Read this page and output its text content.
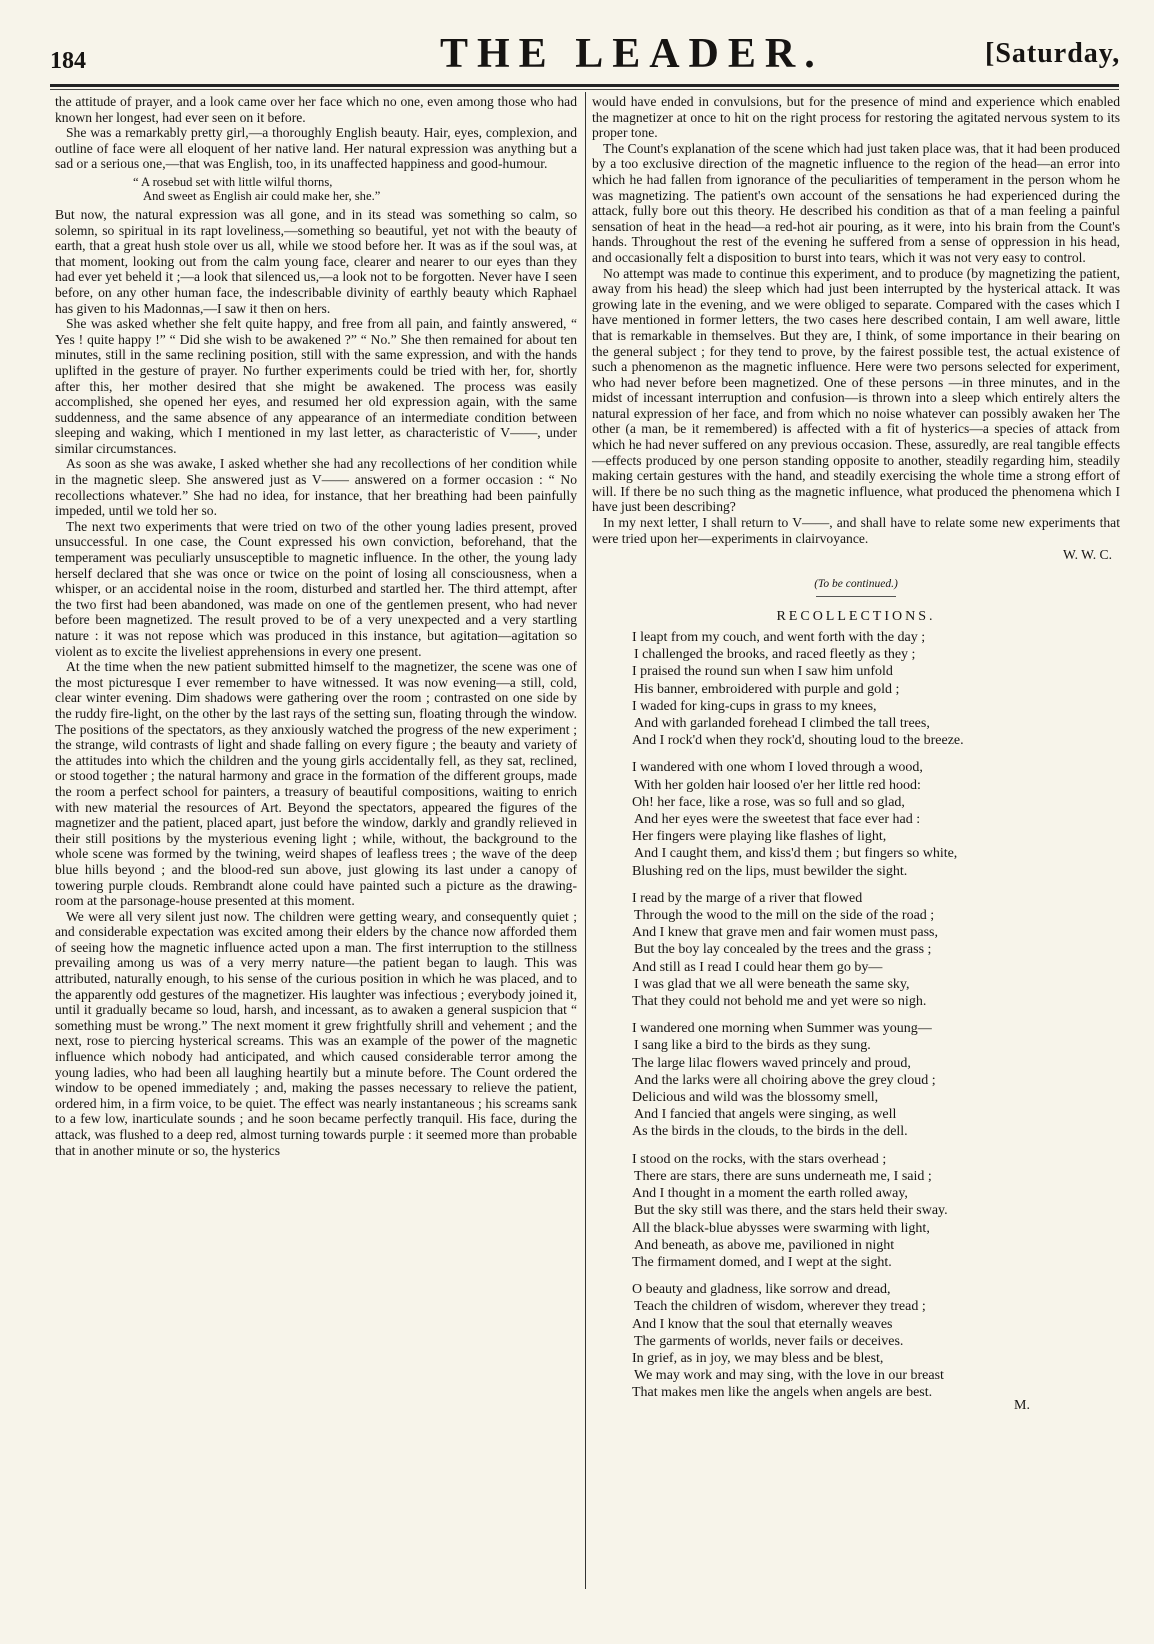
184	THE LEADER.	[Saturday,

the attitude of prayer, and a look came over her face which no one, even among those who had known her longest, had ever seen on it before.

She was a remarkably pretty girl,—a thoroughly English beauty. Hair, eyes, complexion, and outline of face were all eloquent of her native land. Her natural expression was anything but a sad or a serious one,—that was English, too, in its unaffected happiness and good-humour.

“ A rosebud set with little wilful thorns,
And sweet as English air could make her, she.”

But now, the natural expression was all gone, and in its stead was something so calm, so solemn, so spiritual in its rapt loveliness,—something so beautiful, yet not with the beauty of earth, that a great hush stole over us all, while we stood before her. It was as if the soul was, at that moment, looking out from the calm young face, clearer and nearer to our eyes than they had ever yet beheld it ;—a look that silenced us,—a look not to be forgotten. Never have I seen before, on any other human face, the indescribable divinity of earthly beauty which Raphael has given to his Madonnas,—I saw it then on hers.

She was asked whether she felt quite happy, and free from all pain, and faintly answered, “ Yes ! quite happy !” “ Did she wish to be awakened ?” “ No.” She then remained for about ten minutes, still in the same reclining position, still with the same expression, and with the hands uplifted in the gesture of prayer. No further experiments could be tried with her, for, shortly after this, her mother desired that she might be awakened. The process was easily accomplished, she opened her eyes, and resumed her old expression again, with the same suddenness, and the same absence of any appearance of an intermediate condition between sleeping and waking, which I mentioned in my last letter, as characteristic of V——, under similar circumstances.

As soon as she was awake, I asked whether she had any recollections of her condition while in the magnetic sleep. She answered just as V—— answered on a former occasion : “ No recollections whatever.” She had no idea, for instance, that her breathing had been painfully impeded, until we told her so.

The next two experiments that were tried on two of the other young ladies present, proved unsuccessful. In one case, the Count expressed his own conviction, beforehand, that the temperament was peculiarly unsusceptible to magnetic influence. In the other, the young lady herself declared that she was once or twice on the point of losing all consciousness, when a whisper, or an accidental noise in the room, disturbed and startled her. The third attempt, after the two first had been abandoned, was made on one of the gentlemen present, who had never before been magnetized. The result proved to be of a very unexpected and a very startling nature : it was not repose which was produced in this instance, but agitation—agitation so violent as to excite the liveliest apprehensions in every one present.

At the time when the new patient submitted himself to the magnetizer, the scene was one of the most picturesque I ever remember to have witnessed. It was now evening—a still, cold, clear winter evening. Dim shadows were gathering over the room ; contrasted on one side by the ruddy fire-light, on the other by the last rays of the setting sun, floating through the window. The positions of the spectators, as they anxiously watched the progress of the new experiment ; the strange, wild contrasts of light and shade falling on every figure ; the beauty and variety of the attitudes into which the children and the young girls accidentally fell, as they sat, reclined, or stood together ; the natural harmony and grace in the formation of the different groups, made the room a perfect school for painters, a treasury of beautiful compositions, waiting to enrich with new material the resources of Art. Beyond the spectators, appeared the figures of the magnetizer and the patient, placed apart, just before the window, darkly and grandly relieved in their still positions by the mysterious evening light ; while, without, the background to the whole scene was formed by the twining, weird shapes of leafless trees ; the wave of the deep blue hills beyond ; and the blood-red sun above, just glowing its last under a canopy of towering purple clouds. Rembrandt alone could have painted such a picture as the drawing-room at the parsonage-house presented at this moment.

We were all very silent just now. The children were getting weary, and consequently quiet ; and considerable expectation was excited among their elders by the chance now afforded them of seeing how the magnetic influence acted upon a man. The first interruption to the stillness prevailing among us was of a very merry nature—the patient began to laugh. This was attributed, naturally enough, to his sense of the curious position in which he was placed, and to the apparently odd gestures of the magnetizer. His laughter was infectious ; everybody joined it, until it gradually became so loud, harsh, and incessant, as to awaken a general suspicion that “ something must be wrong.” The next moment it grew frightfully shrill and vehement ; and the next, rose to piercing hysterical screams. This was an example of the power of the magnetic influence which nobody had anticipated, and which caused considerable terror among the young ladies, who had been all laughing heartily but a minute before. The Count ordered the window to be opened immediately ; and, making the passes necessary to relieve the patient, ordered him, in a firm voice, to be quiet. The effect was nearly instantaneous ; his screams sank to a few low, inarticulate sounds ; and he soon became perfectly tranquil. His face, during the attack, was flushed to a deep red, almost turning towards purple : it seemed more than probable that in another minute or so, the hysterics

would have ended in convulsions, but for the presence of mind and experience which enabled the magnetizer at once to hit on the right process for restoring the agitated nervous system to its proper tone.

The Count's explanation of the scene which had just taken place was, that it had been produced by a too exclusive direction of the magnetic influence to the region of the head—an error into which he had fallen from ignorance of the peculiarities of temperament in the person whom he was magnetizing. The patient's own account of the sensations he had experienced during the attack, fully bore out this theory. He described his condition as that of a man feeling a painful sensation of heat in the head—a red-hot air pouring, as it were, into his brain from the Count's hands. Throughout the rest of the evening he suffered from a sense of oppression in his head, and occasionally felt a disposition to burst into tears, which it was not very easy to control.

No attempt was made to continue this experiment, and to produce (by magnetizing the patient, away from his head) the sleep which had just been interrupted by the hysterical attack. It was growing late in the evening, and we were obliged to separate. Compared with the cases which I have mentioned in former letters, the two cases here described contain, I am well aware, little that is remarkable in themselves. But they are, I think, of some importance in their bearing on the general subject ; for they tend to prove, by the fairest possible test, the actual existence of such a phenomenon as the magnetic influence. Here were two persons selected for experiment, who had never before been magnetized. One of these persons —in three minutes, and in the midst of incessant interruption and confusion—is thrown into a sleep which entirely alters the natural expression of her face, and from which no noise whatever can possibly awaken her The other (a man, be it remembered) is affected with a fit of hysterics—a species of attack from which he had never suffered on any previous occasion. These, assuredly, are real tangible effects—effects produced by one person standing opposite to another, steadily regarding him, steadily making certain gestures with the hand, and steadily exercising the whole time a strong effort of will. If there be no such thing as the magnetic influence, what produced the phenomena which I have just been describing?

In my next letter, I shall return to V——, and shall have to relate some new experiments that were tried upon her—experiments in clairvoyance.

W. W. C.
(To be continued.)
RECOLLECTIONS.
I leapt from my couch, and went forth with the day ;
I challenged the brooks, and raced fleetly as they ;
I praised the round sun when I saw him unfold
His banner, embroidered with purple and gold ;
I waded for king-cups in grass to my knees,
And with garlanded forehead I climbed the tall trees,
And I rock'd when they rock'd, shouting loud to the breeze.
I wandered with one whom I loved through a wood,
With her golden hair loosed o'er her little red hood:
Oh! her face, like a rose, was so full and so glad,
And her eyes were the sweetest that face ever had :
Her fingers were playing like flashes of light,
And I caught them, and kiss'd them ; but fingers so white,
Blushing red on the lips, must bewilder the sight.
I read by the marge of a river that flowed
Through the wood to the mill on the side of the road ;
And I knew that grave men and fair women must pass,
But the boy lay concealed by the trees and the grass ;
And still as I read I could hear them go by—
I was glad that we all were beneath the same sky,
That they could not behold me and yet were so nigh.
I wandered one morning when Summer was young—
I sang like a bird to the birds as they sung.
The large lilac flowers waved princely and proud,
And the larks were all choiring above the grey cloud ;
Delicious and wild was the blossomy smell,
And I fancied that angels were singing, as well
As the birds in the clouds, to the birds in the dell.
I stood on the rocks, with the stars overhead ;
There are stars, there are suns underneath me, I said ;
And I thought in a moment the earth rolled away,
But the sky still was there, and the stars held their sway.
All the black-blue abysses were swarming with light,
And beneath, as above me, pavilioned in night
The firmament domed, and I wept at the sight.
O beauty and gladness, like sorrow and dread,
Teach the children of wisdom, wherever they tread ;
And I know that the soul that eternally weaves
The garments of worlds, never fails or deceives.
In grief, as in joy, we may bless and be blest,
We may work and may sing, with the love in our breast
That makes men like the angels when angels are best.
M.
